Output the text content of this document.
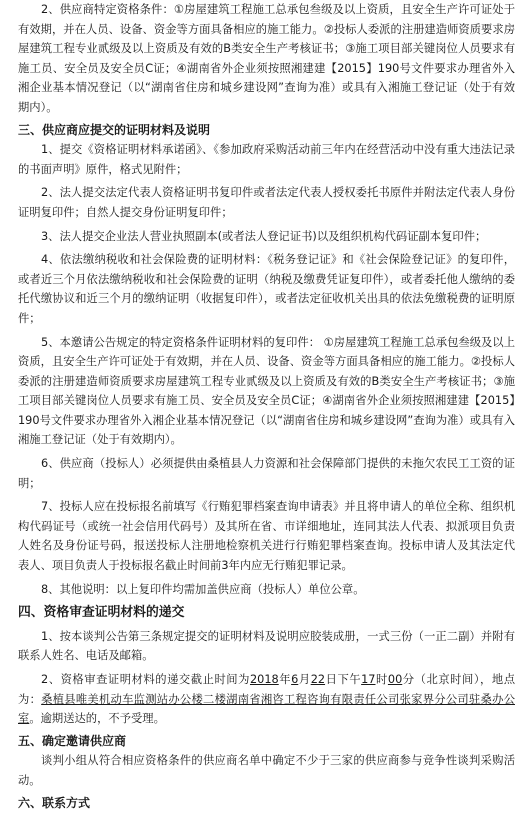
2、供应商特定资格条件：①房屋建筑工程施工总承包叁级及以上资质，且安全生产许可证处于有效期，并在人员、设备、资金等方面具备相应的施工能力。②投标人委派的注册建造师资质要求房屋建筑工程专业贰级及以上资质及有效的B类安全生产考核证书；③施工项目部关键岗位人员要求有施工员、安全员及安全员C证；④湖南省外企业须按照湘建建【2015】190号文件要求办理省外入湘企业基本情况登记（以“湖南省住房和城乡建设网”查询为准）或具有入湘施工登记证（处于有效期内）。

三、供应商应提交的证明材料及说明

1、提交《资格证明材料承诺函》、《参加政府采购活动前三年内在经营活动中没有重大违法记录的书面声明》原件，格式见附件；

2、法人提交法定代表人资格证明书复印件或者法定代表人授权委托书原件并附法定代表人身份证明复印件；自然人提交身份证明复印件；

3、法人提交企业法人营业执照副本(或者法人登记证书)以及组织机构代码证副本复印件；

4、依法缴纳税收和社会保险费的证明材料：《税务登记证》和《社会保险登记证》的复印件，或者近三个月依法缴纳税收和社会保险费的证明（纳税及缴费凭证复印件），或者委托他人缴纳的委托代缴协议和近三个月的缴纳证明（收据复印件），或者法定征收机关出具的依法免缴税费的证明原件；

5、本邀请公告规定的特定资格条件证明材料的复印件： ①房屋建筑工程施工总承包叁级及以上资质，且安全生产许可证处于有效期，并在人员、设备、资金等方面具备相应的施工能力。②投标人委派的注册建造师资质要求房屋建筑工程专业贰级及以上资质及有效的B类安全生产考核证书；③施工项目部关键岗位人员要求有施工员、安全员及安全员C证；④湖南省外企业须按照湘建建【2015】190号文件要求办理省外入湘企业基本情况登记（以“湖南省住房和城乡建设网”查询为准）或具有入湘施工登记证（处于有效期内）。

6、供应商（投标人）必须提供由桑植县人力资源和社会保障部门提供的未拖欠农民工工资的证明；

7、投标人应在投标报名前填写《行贿犯罪档案查询申请表》并且将申请人的单位全称、组织机构代码证号（或统一社会信用代码号）及其所在省、市详细地址，连同其法人代表、拟派项目负责人姓名及身份证号码，报送投标人注册地检察机关进行行贿犯罪档案查询。投标申请人及其法定代表人、项目负责人于投标报名截止时间前3年内应无行贿犯罪记录。

8、其他说明：以上复印件均需加盖供应商（投标人）单位公章。

四、资格审查证明材料的递交

1、按本谈判公告第三条规定提交的证明材料及说明应胶装成册，一式三份（一正二副）并附有联系人姓名、电话及邮箱。

2、资格审查证明材料的递交截止时间为2018年6月22日下午17时00分（北京时间），地点为：桑植县唯美机动车监测站办公楼二楼湖南省湘咨工程咨询有限责任公司张家界分公司驻桑办公室。逾期送达的，不予受理。

五、确定邀请供应商

谈判小组从符合相应资格条件的供应商名单中确定不少于三家的供应商参与竞争性谈判采购活动。

六、联系方式
